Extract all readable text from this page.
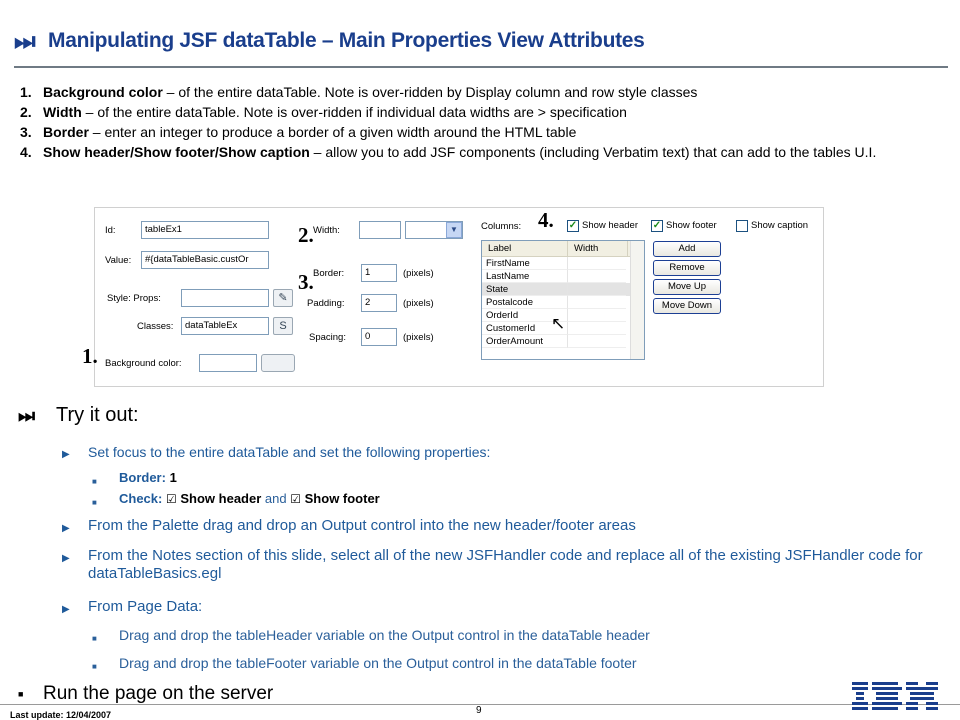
⏭ Manipulating JSF dataTable – Main Properties View Attributes
1. Background color – of the entire dataTable. Note is over-ridden by Display column and row style classes
2. Width – of the entire dataTable. Note is over-ridden if individual data widths are > specification
3. Border – enter an integer to produce a border of a given width around the HTML table
4. Show header/Show footer/Show caption – allow you to add JSF components (including Verbatim text) that can add to the tables U.I.
Id:	tableEx1
Value:	#{dataTableBasic.custOr
Style: Props:	✎
Classes:	dataTableEx	S
Background color:
Width:	▼
Border:	1	(pixels)
Padding:	2	(pixels)
Spacing:	0	(pixels)
Columns:	✓ Show header ✓ Show footer	Show caption
Label	Width
FirstName
LastName
State
Postalcode
OrderId
CustomerId
OrderAmount
↖
Add
Remove
Move Up
Move Down
1.
2.
3.
4.
⏭	Try it out:
▶	Set focus to the entire dataTable and set the following properties:
■	Border: 1
■	Check: ☑ Show header and ☑ Show footer
▶	From the Palette drag and drop an Output control into the new header/footer areas
▶	From the Notes section of this slide, select all of the new JSFHandler code and replace all of the existing JSFHandler code for dataTableBasics.egl
▶	From Page Data:
■	Drag and drop the tableHeader variable on the Output control in the dataTable header
■	Drag and drop the tableFooter variable on the Output control in the dataTable footer
■	Run the page on the server
Last update: 12/04/2007	9
